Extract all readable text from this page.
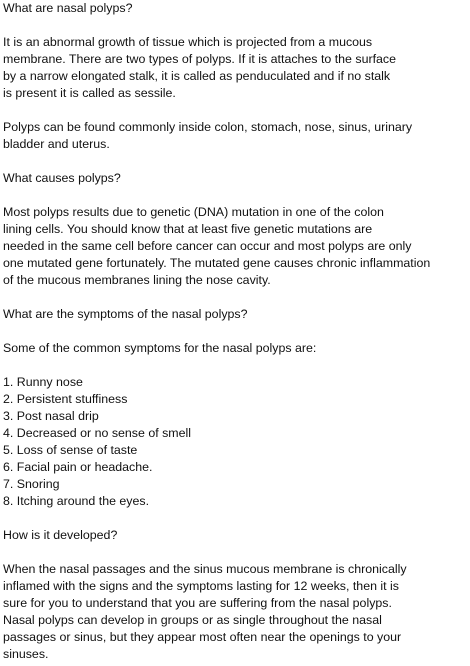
What are nasal polyps?

It is an abnormal growth of tissue which is projected from a mucous
membrane. There are two types of polyps. If it is attaches to the surface
by a narrow elongated stalk, it is called as penduculated and if no stalk
is present it is called as sessile.

Polyps can be found commonly inside colon, stomach, nose, sinus, urinary
bladder and uterus.

What causes polyps?

Most polyps results due to genetic (DNA) mutation in one of the colon
lining cells. You should know that at least five genetic mutations are
needed in the same cell before cancer can occur and most polyps are only
one mutated gene fortunately. The mutated gene causes chronic inflammation
of the mucous membranes lining the nose cavity.

What are the symptoms of the nasal polyps?

Some of the common symptoms for the nasal polyps are:

1. Runny nose
2. Persistent stuffiness
3. Post nasal drip
4. Decreased or no sense of smell
5. Loss of sense of taste
6. Facial pain or headache.
7. Snoring
8. Itching around the eyes.

How is it developed?

When the nasal passages and the sinus mucous membrane is chronically
inflamed with the signs and the symptoms lasting for 12 weeks, then it is
sure for you to understand that you are suffering from the nasal polyps.
Nasal polyps can develop in groups or as single throughout the nasal
passages or sinus, but they appear most often near the openings to your
sinuses.
